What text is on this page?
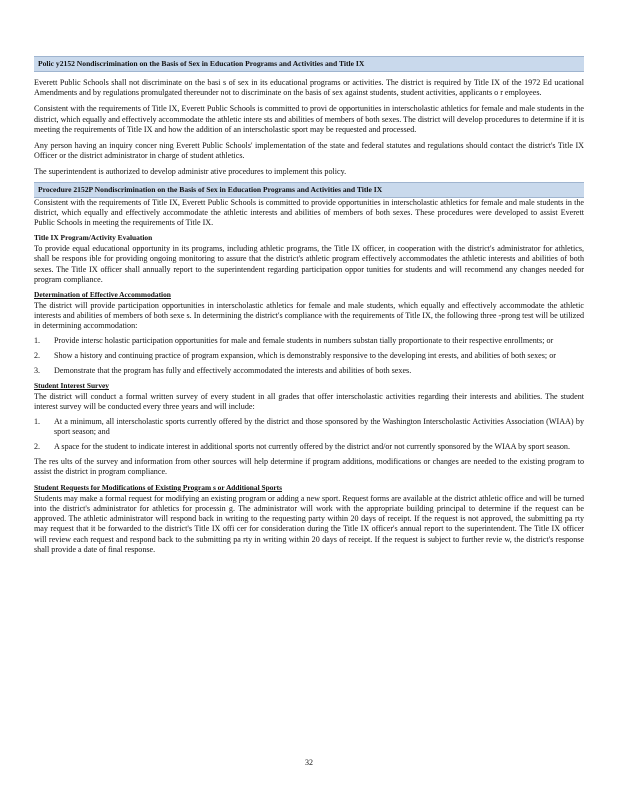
Polic y2152 Nondiscrimination on the Basis of Sex in Education Programs and Activities and Title IX

Everett Public Schools shall not discriminate on the basi s of sex in its educational programs or activities. The district is required by Title IX of the 1972 Ed ucational Amendments and by regulations promulgated thereunder not to discriminate on the basis of sex against students, student activities, applicants o r employees.

Consistent with the requirements of Title IX, Everett Public Schools is committed to provi de opportunities in interscholastic athletics for female and male students in the district, which equally and effectively accommodate the athletic intere sts and abilities of members of both sexes. The district will develop procedures to determine if it is meeting the requirements of Title IX and how the addition of an interscholastic sport may be requested and processed.

Any person having an inquiry concer ning Everett Public Schools' implementation of the state and federal statutes and regulations should contact the district's Title IX Officer or the district administrator in charge of student athletics.

The superintendent is authorized to develop administr ative procedures to implement this policy.

Procedure 2152P Nondiscrimination on the Basis of Sex in Education Programs and Activities and Title IX

Consistent with the requirements of Title IX, Everett Public Schools is committed to provide opportunities in interscholastic athletics for female and male students in the district, which equally and effectively accommodate the athletic interests and abilities of members of both sexes. These procedures were developed to assist Everett Public Schools in meeting the requirements of Title IX.

Title IX Program/Activity Evaluation

To provide equal educational opportunity in its programs, including athletic programs, the Title IX officer, in cooperation with the district's administrator for athletics, shall be respons ible for providing ongoing monitoring to assure that the district's athletic program effectively accommodates the athletic interests and abilities of both sexes. The Title IX officer shall annually report to the superintendent regarding participation oppor tunities for students and will recommend any changes needed for program compliance.

Determination of Effective Accommodation

The district will provide participation opportunities in interscholastic athletics for female and male students, which equally and effectively accommodate the athletic interests and abilities of members of both sexe s. In determining the district's compliance with the requirements of Title IX, the following three -prong test will be utilized in determining accommodation:

1.	Provide intersc holastic participation opportunities for male and female students in numbers substan tially proportionate to their respective enrollments; or
2.	Show a history and continuing practice of program expansion, which is demonstrably responsive to the developing int erests, and abilities of both sexes; or
3.	Demonstrate that the program has fully and effectively accommodated the interests and abilities of both sexes.
Student Interest Survey

The district will conduct a formal written survey of every student in all grades that offer interscholastic activities regarding their interests and abilities. The student interest survey will be conducted every three years and will include:

1.	At a minimum, all interscholastic sports currently offered by the district and those sponsored by the Washington Interscholastic Activities Association (WIAA) by sport season; and
2.	A space for the student to indicate interest in additional sports not currently offered by the district and/or not currently sponsored by the WIAA by sport season.

The res ults of the survey and information from other sources will help determine if program additions, modifications or changes are needed to the existing program to assist the district in program compliance.

Student Requests for Modifications of Existing Program s or Additional Sports

Students may make a formal request for modifying an existing program or adding a new sport. Request forms are available at the district athletic office and will be turned into the district's administrator for athletics for processin g. The administrator will work with the appropriate building principal to determine if the request can be approved. The athletic administrator will respond back in writing to the requesting party within 20 days of receipt. If the request is not approved, the submitting pa rty may request that it be forwarded to the district's Title IX offi cer for consideration during the Title IX officer's annual report to the superintendent. The Title IX officer will review each request and respond back to the submitting pa rty in writing within 20 days of receipt. If the request is subject to further revie w, the district's response shall provide a date of final response.

32
